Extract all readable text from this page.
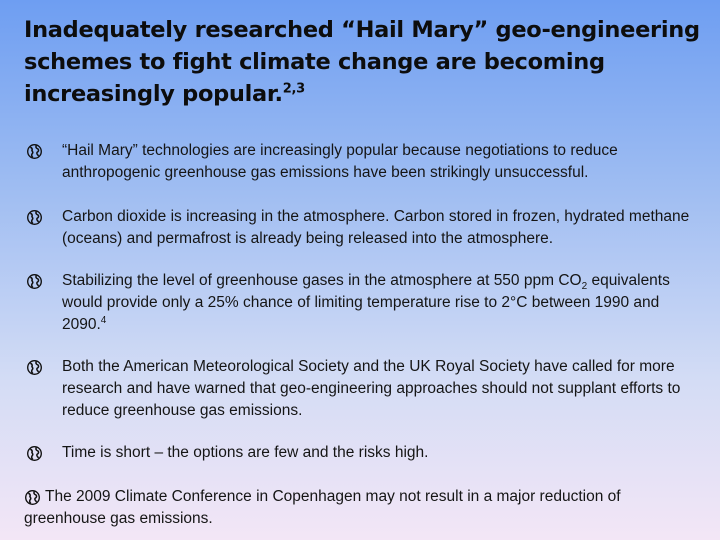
Inadequately researched “Hail Mary” geo-engineering schemes to fight climate change are becoming increasingly popular.$^{2,3}$
“Hail Mary” technologies are increasingly popular because negotiations to reduce anthropogenic greenhouse gas emissions have been strikingly unsuccessful.
Carbon dioxide is increasing in the atmosphere. Carbon stored in frozen, hydrated methane (oceans) and permafrost is already being released into the atmosphere.
Stabilizing the level of greenhouse gases in the atmosphere at 550 ppm $CO_2$ equivalents would provide only a 25% chance of limiting temperature rise to 2°C between 1990 and 2090.$^4$
Both the American Meteorological Society and the UK Royal Society have called for more research and have warned that geo-engineering approaches should not supplant efforts to reduce greenhouse gas emissions.
Time is short – the options are few and the risks high.
The 2009 Climate Conference in Copenhagen may not result in a major reduction of greenhouse gas emissions.
